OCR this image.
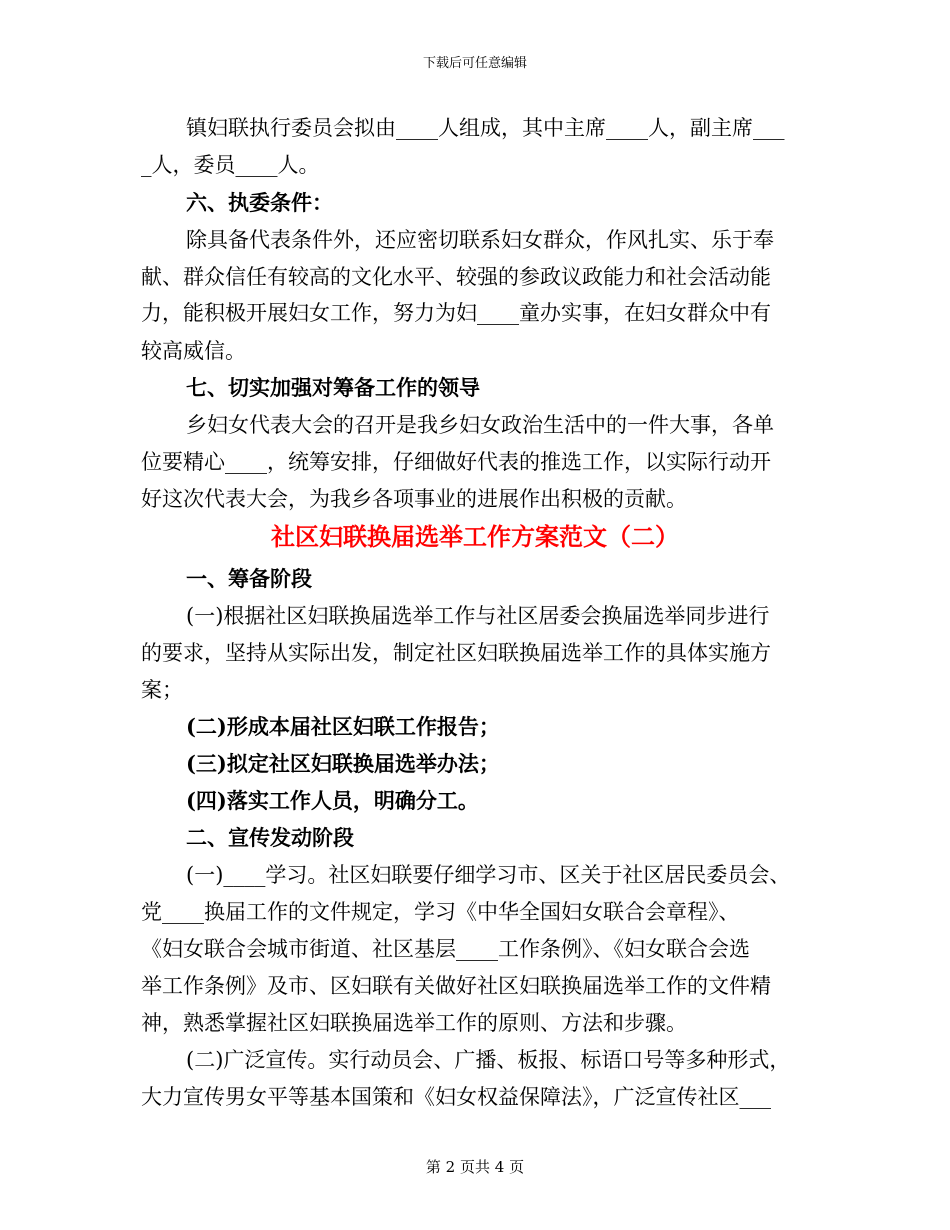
下载后可任意编辑
镇妇联执行委员会拟由____人组成，其中主席____人，副主席___
_人，委员____人。
六、执委条件：
除具备代表条件外，还应密切联系妇女群众，作风扎实、乐于奉
献、群众信任有较高的文化水平、较强的参政议政能力和社会活动能
力，能积极开展妇女工作，努力为妇____童办实事，在妇女群众中有
较高威信。
七、切实加强对筹备工作的领导
乡妇女代表大会的召开是我乡妇女政治生活中的一件大事，各单
位要精心____，统筹安排，仔细做好代表的推选工作，以实际行动开
好这次代表大会，为我乡各项事业的进展作出积极的贡献。
社区妇联换届选举工作方案范文（二）
一、筹备阶段
(一)根据社区妇联换届选举工作与社区居委会换届选举同步进行
的要求，坚持从实际出发，制定社区妇联换届选举工作的具体实施方
案；
(二)形成本届社区妇联工作报告；
(三)拟定社区妇联换届选举办法；
(四)落实工作人员，明确分工。
二、宣传发动阶段
(一)____学习。社区妇联要仔细学习市、区关于社区居民委员会、
党____换届工作的文件规定，学习《中华全国妇女联合会章程》、
《妇女联合会城市街道、社区基层____工作条例》、《妇女联合会选
举工作条例》及市、区妇联有关做好社区妇联换届选举工作的文件精
神，熟悉掌握社区妇联换届选举工作的原则、方法和步骤。
(二)广泛宣传。实行动员会、广播、板报、标语口号等多种形式，
大力宣传男女平等基本国策和《妇女权益保障法》，广泛宣传社区___
第 2 页共 4 页
